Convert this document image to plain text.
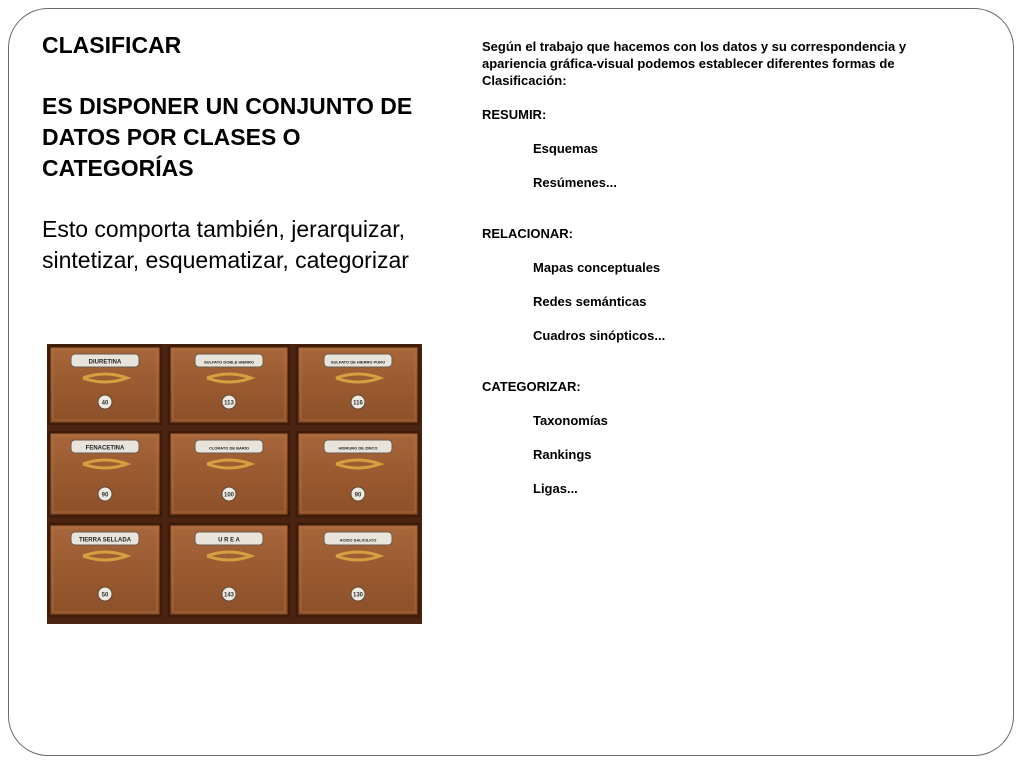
CLASIFICAR

ES DISPONER UN CONJUNTO DE DATOS POR CLASES O CATEGORÍAS

Esto comporta también, jerarquizar, sintetizar, esquematizar, categorizar

DIURETINA
40
SULFATO DOBLE HIERRO
113
SULFATO DE HIERRO PURO
116
FENACETINA
90
CLORATO DE BARIO
100
HIDRURO DE ZINCO
90
TIERRA SELLADA
50
U R E A
143
ACIDO SALICILICO
130

Según el trabajo que hacemos con los datos y su correspondencia y apariencia gráfica-visual podemos establecer diferentes formas de Clasificación:

RESUMIR:

Esquemas

Resúmenes...

RELACIONAR:

Mapas conceptuales

Redes semánticas

Cuadros sinópticos...

CATEGORIZAR:

Taxonomías

Rankings

Ligas...
